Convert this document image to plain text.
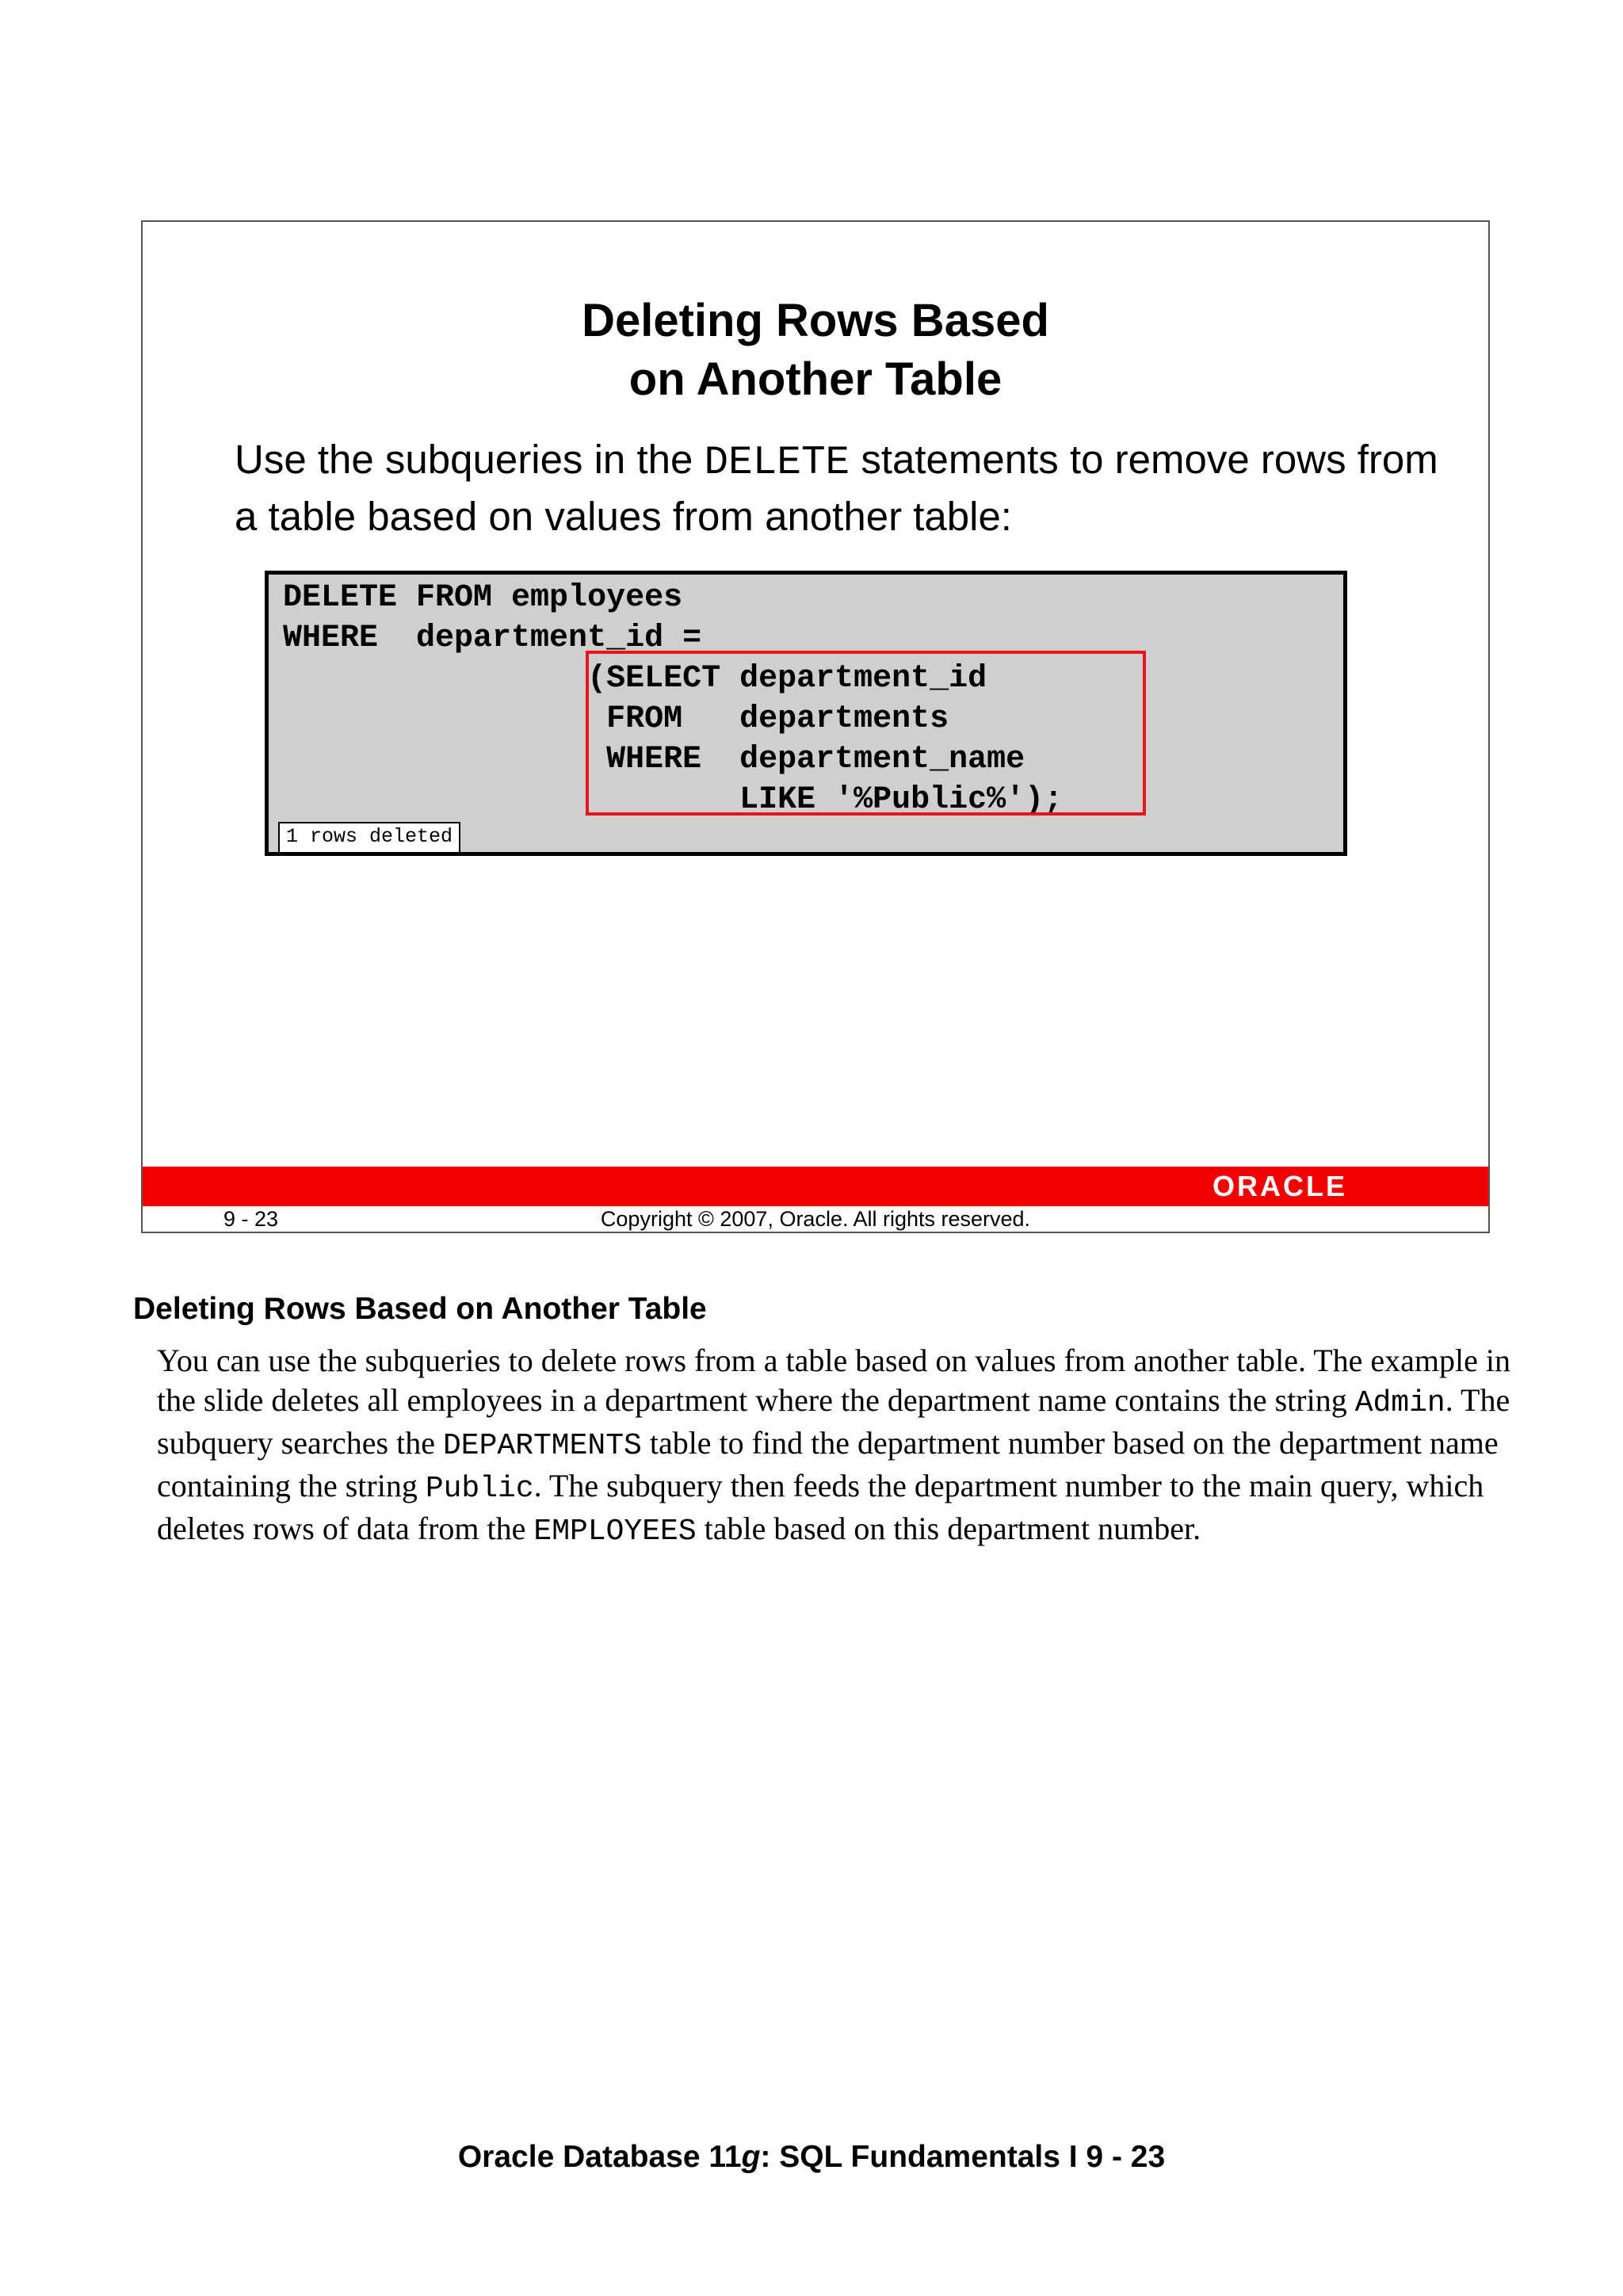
Deleting Rows Based
on Another Table
Use the subqueries in the DELETE statements to remove rows from a table based on values from another table:
DELETE FROM employees
WHERE  department_id =
(SELECT department_id
FROM   departments
WHERE  department_name
LIKE '%Public%');
1 rows deleted
ORACLE
9 - 23	Copyright © 2007, Oracle. All rights reserved.
Deleting Rows Based on Another Table
You can use the subqueries to delete rows from a table based on values from another table. The example in the slide deletes all employees in a department where the department name contains the string Admin. The subquery searches the DEPARTMENTS table to find the department number based on the department name containing the string Public. The subquery then feeds the department number to the main query, which deletes rows of data from the EMPLOYEES table based on this department number.
Oracle Database 11g: SQL Fundamentals I 9 - 23
